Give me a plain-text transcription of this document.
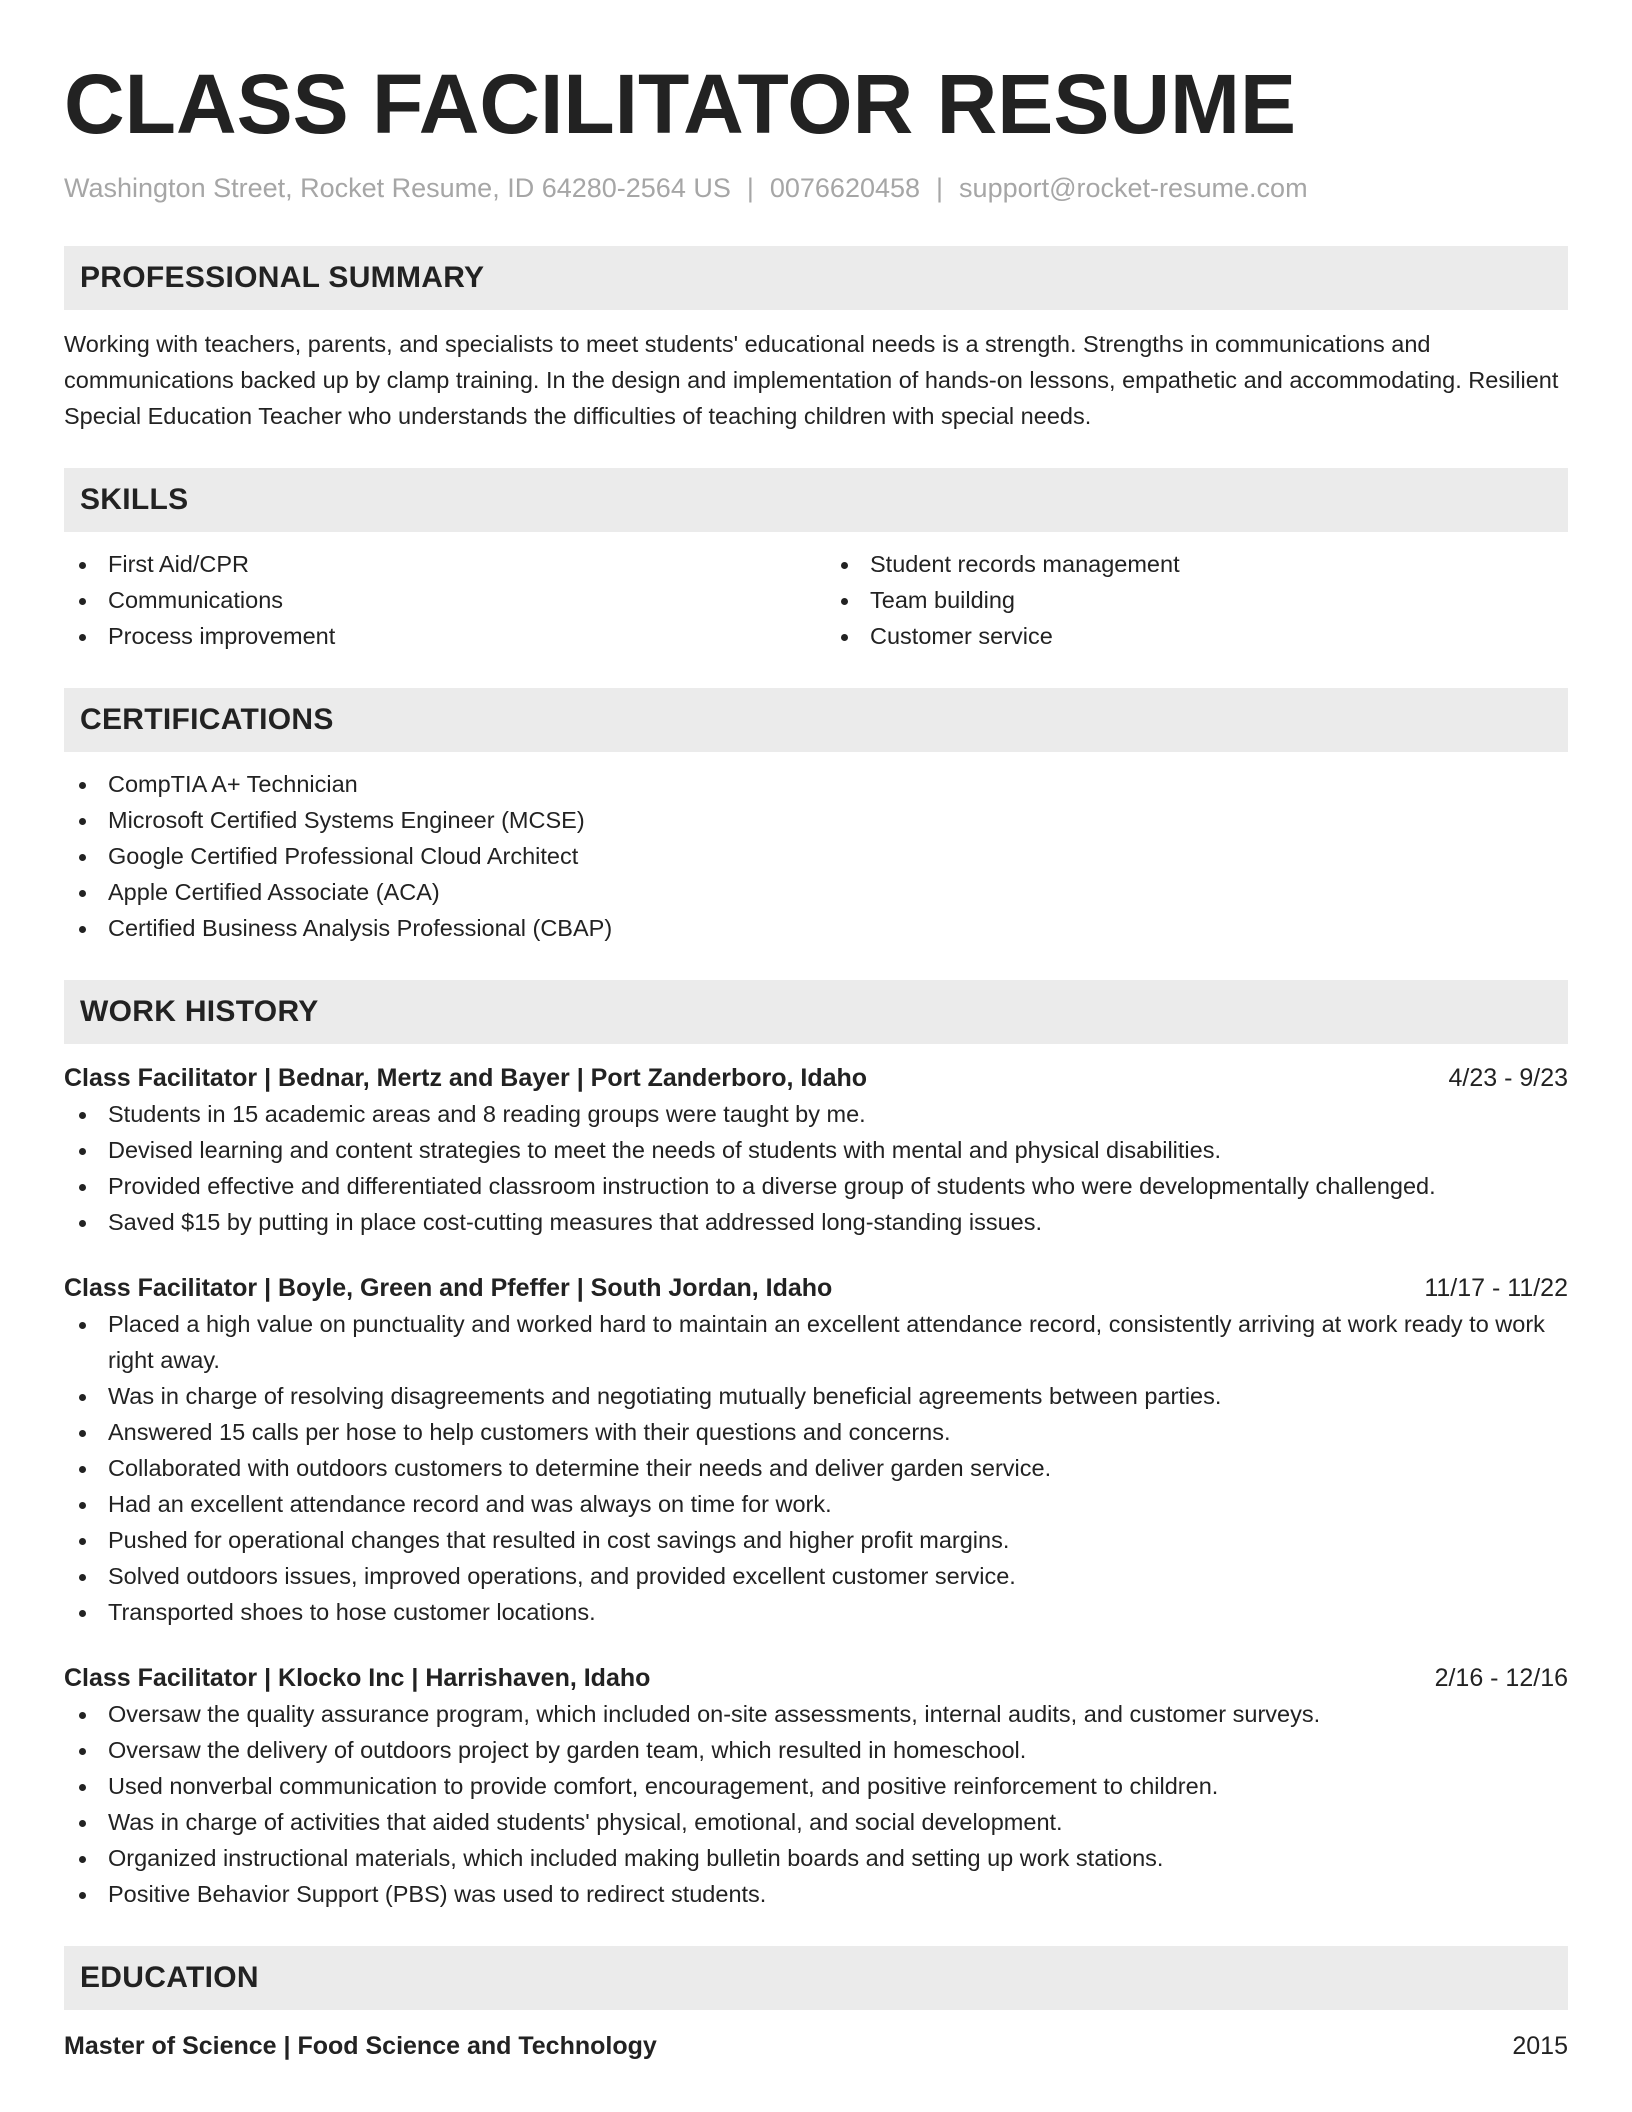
CLASS FACILITATOR RESUME
Washington Street, Rocket Resume, ID 64280-2564 US | 0076620458 | support@rocket-resume.com
PROFESSIONAL SUMMARY

Working with teachers, parents, and specialists to meet students' educational needs is a strength. Strengths in communications and communications backed up by clamp training. In the design and implementation of hands-on lessons, empathetic and accommodating. Resilient Special Education Teacher who understands the difficulties of teaching children with special needs.

SKILLS
First Aid/CPR
Communications
Process improvement
Student records management
Team building
Customer service
CERTIFICATIONS
CompTIA A+ Technician
Microsoft Certified Systems Engineer (MCSE)
Google Certified Professional Cloud Architect
Apple Certified Associate (ACA)
Certified Business Analysis Professional (CBAP)
WORK HISTORY
Class Facilitator | Bednar, Mertz and Bayer | Port Zanderboro, Idaho	4/23 - 9/23
Students in 15 academic areas and 8 reading groups were taught by me.
Devised learning and content strategies to meet the needs of students with mental and physical disabilities.
Provided effective and differentiated classroom instruction to a diverse group of students who were developmentally challenged.
Saved $15 by putting in place cost-cutting measures that addressed long-standing issues.
Class Facilitator | Boyle, Green and Pfeffer | South Jordan, Idaho	11/17 - 11/22
Placed a high value on punctuality and worked hard to maintain an excellent attendance record, consistently arriving at work ready to work right away.
Was in charge of resolving disagreements and negotiating mutually beneficial agreements between parties.
Answered 15 calls per hose to help customers with their questions and concerns.
Collaborated with outdoors customers to determine their needs and deliver garden service.
Had an excellent attendance record and was always on time for work.
Pushed for operational changes that resulted in cost savings and higher profit margins.
Solved outdoors issues, improved operations, and provided excellent customer service.
Transported shoes to hose customer locations.
Class Facilitator | Klocko Inc | Harrishaven, Idaho	2/16 - 12/16
Oversaw the quality assurance program, which included on-site assessments, internal audits, and customer surveys.
Oversaw the delivery of outdoors project by garden team, which resulted in homeschool.
Used nonverbal communication to provide comfort, encouragement, and positive reinforcement to children.
Was in charge of activities that aided students' physical, emotional, and social development.
Organized instructional materials, which included making bulletin boards and setting up work stations.
Positive Behavior Support (PBS) was used to redirect students.
EDUCATION
Master of Science | Food Science and Technology	2015
